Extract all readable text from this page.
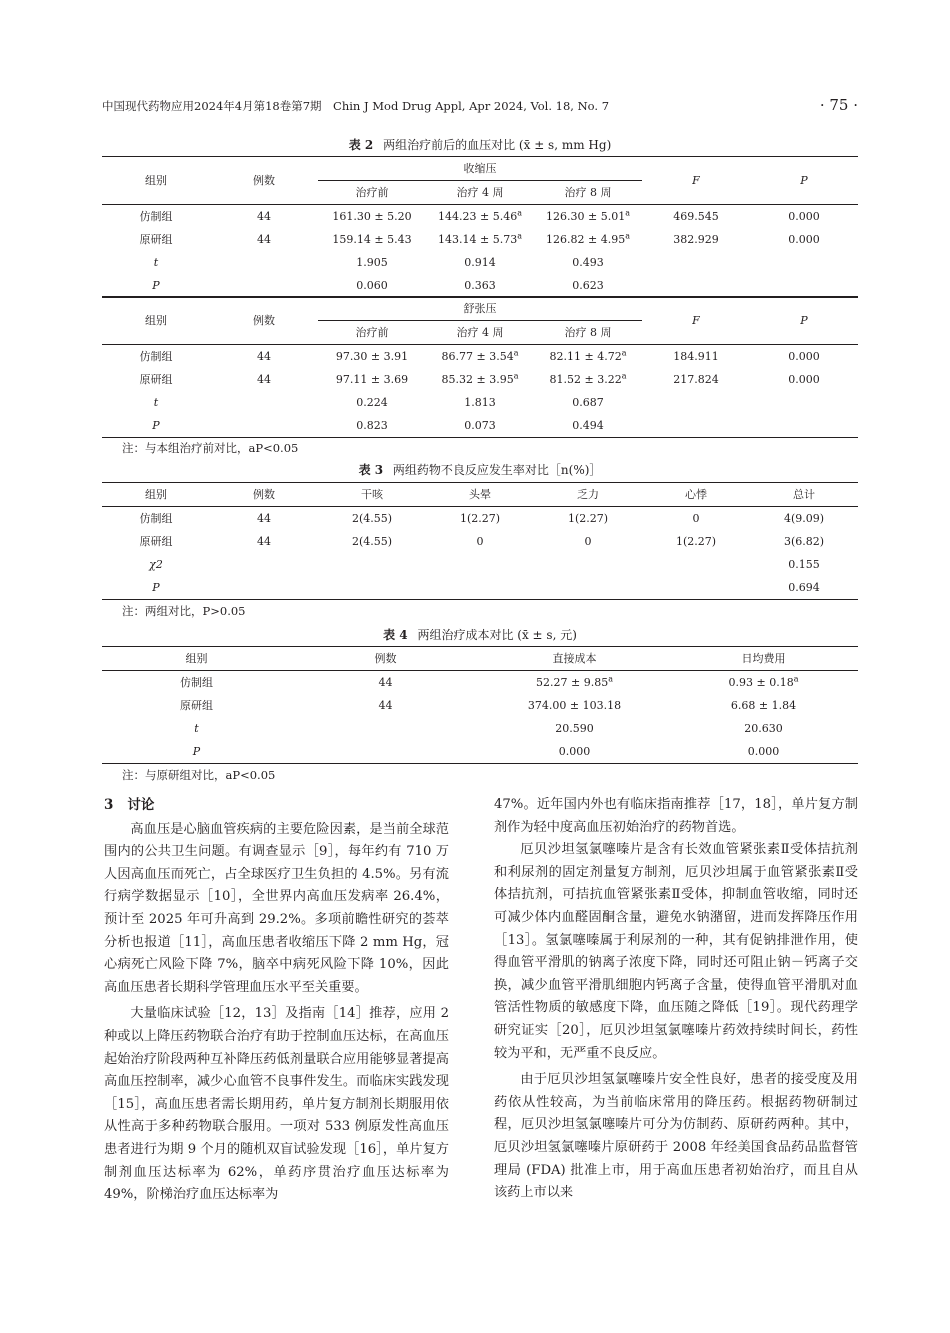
中国现代药物应用2024年4月第18卷第7期　Chin J Mod Drug Appl, Apr 2024, Vol. 18, No. 7	· 75 ·
表 2 两组治疗前后的血压对比 (x̄ ± s, mm Hg)
组别	例数	收缩压			F	P
		治疗前	治疗 4 周	治疗 8 周		
仿制组	44	161.30 ± 5.20	144.23 ± 5.46$^a$	126.30 ± 5.01$^a$	469.545	0.000
原研组	44	159.14 ± 5.43	143.14 ± 5.73$^a$	126.82 ± 4.95$^a$	382.929	0.000
t		1.905	0.914	0.493		
P		0.060	0.363	0.623		
组别	例数	舒张压			F	P
		治疗前	治疗 4 周	治疗 8 周		
仿制组	44	97.30 ± 3.91	86.77 ± 3.54$^a$	82.11 ± 4.72$^a$	184.911	0.000
原研组	44	97.11 ± 3.69	85.32 ± 3.95$^a$	81.52 ± 3.22$^a$	217.824	0.000
t		0.224	1.813	0.687		
P		0.823	0.073	0.494		
注：与本组治疗前对比，aP<0.05
表 3 两组药物不良反应发生率对比［n(%)］
组别	例数	干咳	头晕	乏力	心悸	总计
仿制组	44	2(4.55)	1(2.27)	1(2.27)	0	4(9.09)
原研组	44	2(4.55)	0	0	1(2.27)	3(6.82)
χ2						0.155
P						0.694
注：两组对比，P>0.05
表 4 两组治疗成本对比 (x̄ ± s, 元)
组别	例数	直接成本	日均费用
仿制组	44	52.27 ± 9.85$^a$	0.93 ± 0.18$^a$
原研组	44	374.00 ± 103.18	6.68 ± 1.84
t		20.590	20.630
P		0.000	0.000
注：与原研组对比，aP<0.05
3 讨论

高血压是心脑血管疾病的主要危险因素，是当前全球范围内的公共卫生问题。有调查显示［9］，每年约有 710 万人因高血压而死亡，占全球医疗卫生负担的 4.5%。另有流行病学数据显示［10］，全世界内高血压发病率 26.4%，预计至 2025 年可升高到 29.2%。多项前瞻性研究的荟萃分析也报道［11］，高血压患者收缩压下降 2 mm Hg，冠心病死亡风险下降 7%，脑卒中病死风险下降 10%，因此高血压患者长期科学管理血压水平至关重要。

大量临床试验［12，13］及指南［14］推荐，应用 2 种或以上降压药物联合治疗有助于控制血压达标，在高血压起始治疗阶段两种互补降压药低剂量联合应用能够显著提高高血压控制率，减少心血管不良事件发生。而临床实践发现［15］，高血压患者需长期用药，单片复方制剂长期服用依从性高于多种药物联合服用。一项对 533 例原发性高血压患者进行为期 9 个月的随机双盲试验发现［16］，单片复方制剂血压达标率为 62%，单药序贯治疗血压达标率为 49%，阶梯治疗血压达标率为

47%。近年国内外也有临床指南推荐［17，18］，单片复方制剂作为轻中度高血压初始治疗的药物首选。

厄贝沙坦氢氯噻嗪片是含有长效血管紧张素Ⅱ受体拮抗剂和利尿剂的固定剂量复方制剂，厄贝沙坦属于血管紧张素Ⅱ受体拮抗剂，可拮抗血管紧张素Ⅱ受体，抑制血管收缩，同时还可减少体内血醛固酮含量，避免水钠潴留，进而发挥降压作用［13］。氢氯噻嗪属于利尿剂的一种，其有促钠排泄作用，使得血管平滑肌的钠离子浓度下降，同时还可阻止钠－钙离子交换，减少血管平滑肌细胞内钙离子含量，使得血管平滑肌对血管活性物质的敏感度下降，血压随之降低［19］。现代药理学研究证实［20］，厄贝沙坦氢氯噻嗪片药效持续时间长，药性较为平和，无严重不良反应。

由于厄贝沙坦氢氯噻嗪片安全性良好，患者的接受度及用药依从性较高，为当前临床常用的降压药。根据药物研制过程，厄贝沙坦氢氯噻嗪片可分为仿制药、原研药两种。其中，厄贝沙坦氢氯噻嗪片原研药于 2008 年经美国食品药品监督管理局 (FDA) 批准上市，用于高血压患者初始治疗，而且自从该药上市以来
